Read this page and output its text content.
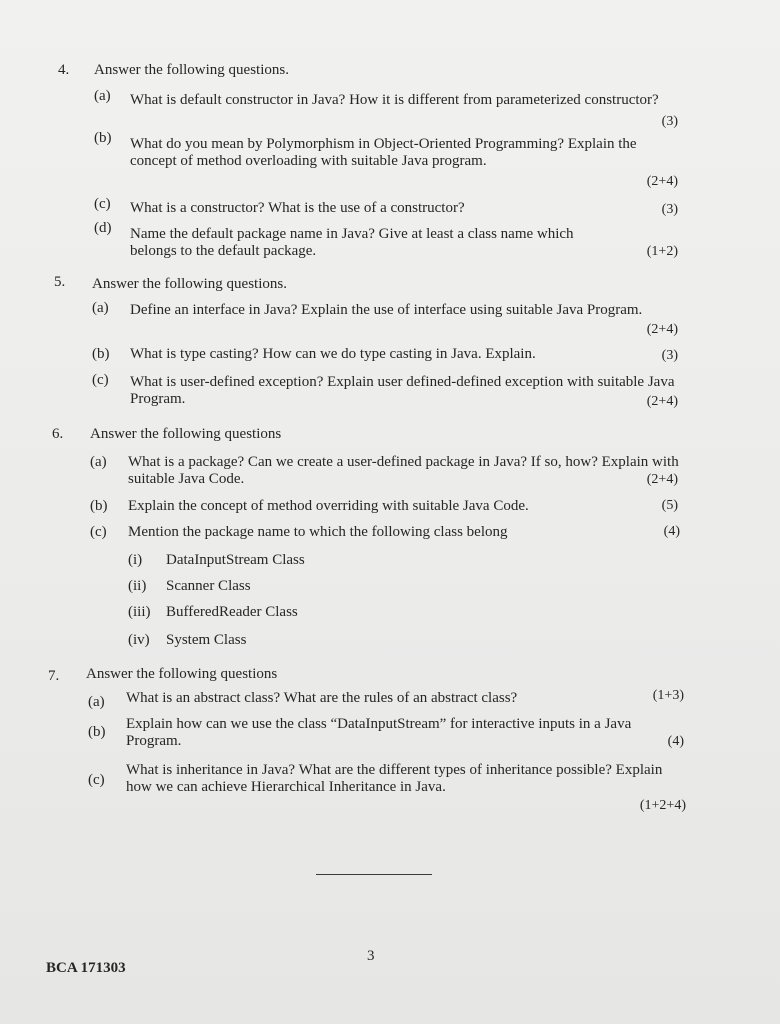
4. Answer the following questions.
(a) What is default constructor in Java? How it is different from parameterized constructor?
(3)
(b) What do you mean by Polymorphism in Object-Oriented Programming? Explain the concept of method overloading with suitable Java program.
(2+4)
(c) What is a constructor? What is the use of a constructor?	(3)
(d) Name the default package name in Java? Give at least a class name which belongs to the default package.	(1+2)
5. Answer the following questions.
(a) Define an interface in Java? Explain the use of interface using suitable Java Program.
(2+4)
(b) What is type casting? How can we do type casting in Java. Explain.	(3)
(c) What is user-defined exception? Explain user defined-defined exception with suitable Java Program.	(2+4)
6. Answer the following questions
(a) What is a package? Can we create a user-defined package in Java? If so, how? Explain with suitable Java Code.	(2+4)
(b) Explain the concept of method overriding with suitable Java Code.	(5)
(c) Mention the package name to which the following class belong	(4)
(i) DataInputStream Class
(ii) Scanner Class
(iii) BufferedReader Class
(iv) System Class
7. Answer the following questions
(a) What is an abstract class? What are the rules of an abstract class?	(1+3)
(b) Explain how can we use the class “DataInputStream” for interactive inputs in a Java Program.	(4)
(c)
What is inheritance in Java? What are the different types of inheritance possible? Explain how we can achieve Hierarchical Inheritance in Java.
(1+2+4)
3
BCA 171303
